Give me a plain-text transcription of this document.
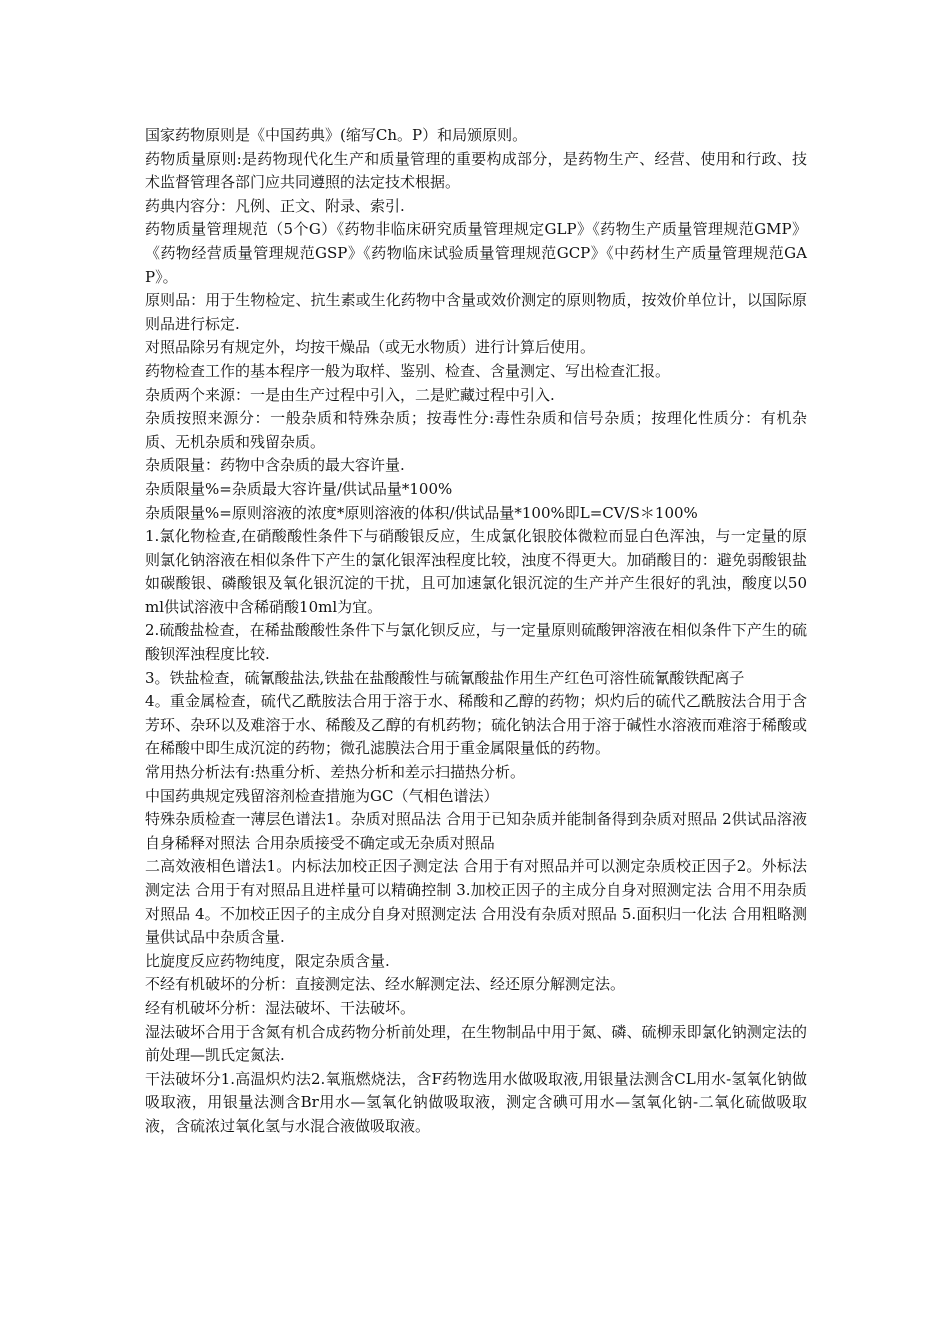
国家药物原则是《中国药典》(缩写Ch。P）和局颁原则。

药物质量原则:是药物现代化生产和质量管理的重要构成部分，是药物生产、经营、使用和行政、技术监督管理各部门应共同遵照的法定技术根据。

药典内容分：凡例、正文、附录、索引.

药物质量管理规范（5个G）《药物非临床研究质量管理规定GLP》《药物生产质量管理规范GMP》《药物经营质量管理规范GSP》《药物临床试验质量管理规范GCP》《中药材生产质量管理规范GAP》。

原则品：用于生物检定、抗生素或生化药物中含量或效价测定的原则物质，按效价单位计，以国际原则品进行标定.

对照品除另有规定外，均按干燥品（或无水物质）进行计算后使用。

药物检查工作的基本程序一般为取样、鉴别、检查、含量测定、写出检查汇报。

杂质两个来源：一是由生产过程中引入，二是贮藏过程中引入.

杂质按照来源分：一般杂质和特殊杂质；按毒性分:毒性杂质和信号杂质；按理化性质分：有机杂质、无机杂质和残留杂质。

杂质限量：药物中含杂质的最大容许量.

杂质限量%=杂质最大容许量/供试品量*100%

杂质限量%=原则溶液的浓度*原则溶液的体积/供试品量*100%即L=CV/S＊100%

1.氯化物检查,在硝酸酸性条件下与硝酸银反应，生成氯化银胶体微粒而显白色浑浊，与一定量的原则氯化钠溶液在相似条件下产生的氯化银浑浊程度比较，浊度不得更大。加硝酸目的：避免弱酸银盐如碳酸银、磷酸银及氧化银沉淀的干扰，且可加速氯化银沉淀的生产并产生很好的乳浊，酸度以50ml供试溶液中含稀硝酸10ml为宜。

2.硫酸盐检查，在稀盐酸酸性条件下与氯化钡反应，与一定量原则硫酸钾溶液在相似条件下产生的硫酸钡浑浊程度比较.

3。铁盐检查，硫氰酸盐法,铁盐在盐酸酸性与硫氰酸盐作用生产红色可溶性硫氰酸铁配离子

4。重金属检查，硫代乙酰胺法合用于溶于水、稀酸和乙醇的药物；炽灼后的硫代乙酰胺法合用于含芳环、杂环以及难溶于水、稀酸及乙醇的有机药物；硫化钠法合用于溶于碱性水溶液而难溶于稀酸或在稀酸中即生成沉淀的药物；微孔滤膜法合用于重金属限量低的药物。

常用热分析法有:热重分析、差热分析和差示扫描热分析。

中国药典规定残留溶剂检查措施为GC（气相色谱法）

特殊杂质检查一薄层色谱法1。杂质对照品法 合用于已知杂质并能制备得到杂质对照品 2供试品溶液自身稀释对照法 合用杂质接受不确定或无杂质对照品

二高效液相色谱法1。内标法加校正因子测定法 合用于有对照品并可以测定杂质校正因子2。外标法测定法 合用于有对照品且进样量可以精确控制 3.加校正因子的主成分自身对照测定法 合用不用杂质对照品 4。不加校正因子的主成分自身对照测定法 合用没有杂质对照品 5.面积归一化法 合用粗略测量供试品中杂质含量.

比旋度反应药物纯度，限定杂质含量.

不经有机破坏的分析：直接测定法、经水解测定法、经还原分解测定法。

经有机破坏分析：湿法破坏、干法破坏。

湿法破坏合用于含氮有机合成药物分析前处理，在生物制品中用于氮、磷、硫柳汞即氯化钠测定法的前处理—凯氏定氮法.

干法破坏分1.高温炽灼法2.氧瓶燃烧法，含F药物选用水做吸取液,用银量法测含CL用水-氢氧化钠做吸取液，用银量法测含Br用水—氢氧化钠做吸取液，测定含碘可用水—氢氧化钠-二氧化硫做吸取液，含硫浓过氧化氢与水混合液做吸取液。
